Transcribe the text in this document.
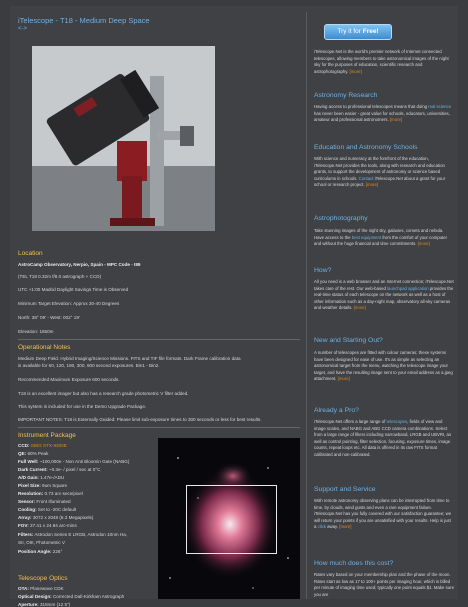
iTelescope - T18 - Medium Deep Space
<->
Location
AstroCamp Observatory, Nerpio, Spain - MPC Code - I89
(TEL T18 0.32m f/8.0 astrograph + CCD)
UTC +1:00 Madrid Daylight Savings Time is Observed
Minimum Target Elevation: Approx 30-40 Degrees
North: 38° 09' - West: 002° 19'
Elevation: 1650m
Operational Notes
Medium Deep Field. Hybrid Imaging/Science Missions. FITS and TIF file formats. Dark Frame calibration data
is available for 60, 120, 180, 300, 600 second exposures. Bin1 - Bin2.
Recommended Maximum Exposure 600 seconds.
T18 is an excellent imager but also has a research grade photometric V filter added.
This system is included for use in the Demo Upgrade Package.
IMPORTANT NOTES: T18 is Externally Guided: Please limit sub-exposure times to 300 seconds or less for best results.
Instrument Package
CCD: SBIG STX-8300E
QE: 60% Peak
Full Well: ~100,000e - Non Anti Bloomin Gate (NABG)
Dark Current: ~0.3e- / pixel / sec at 0°C
A/D Gain: 1.47e-/ADU
Pixel Size: 9um Square
Resolution: 0.73 arc-secs/pixel
Sensor: Front Illuminated
Cooling: Set to -20C default
Array: 3072 x 2048 (6.3 Megapixels)
FOV: 37.41 x 24.94 arc-mins
Filters: Astrodon Series E LRGB, Astrodon 10nm Ha,
SII, OIII, Photometric V
Position Angle: 226°
Telescope Optics
OTA: Planewave CDK
Optical Design: Corrected Dall-Kirkham Astrograph
Aperture: 318mm (12.5")
Try it for Free!
iTelescope.Net is the world's premier network of Internet connected telescopes, allowing members to take astronomical images of the night sky for the purposes of education, scientific research and astrophotography. [more]
Astronomy Research
Having access to professional telescopes means that doing real science has never been easier - great value for schools, educators, universities, amateur and professional astronomers. [more]
Education and Astronomy Schools
With science and numeracy at the forefront of the education, iTelescope.Net provides the tools, along with research and education grants, to support the development of astronomy or science based curriculums in schools. Contact iTelescope.Net about a grant for your school or research project. [more]
Astrophotography
Take stunning images of the night sky, galaxies, comets and nebula. Have access to the best equipment from the comfort of your computer and without the huge financial and time commitments. [more]
How?
All you need is a web browser and an Internet connection; iTelescope.Net takes care of the rest. Our web-based launchpad application provides the real-time status of each telescope on the network as well as a host of other information such as a day-night map, observatory all-sky cameras and weather details. [more]
New and Starting Out?
A number of telescopes are fitted with colour cameras; these systems have been designed for ease of use. It's as simple as selecting an astronomical target from the menu, watching the telescope image your target, and have the resulting image sent to your email address as a jpeg attachment. [more]
Already a Pro?
iTelescope.Net offers a large range of telescopes, fields of view and image scales, and NABG and ABG CCD camera combinations. Select from a large range of filters including narrowband, LRGB and UBVRI, as well as control pointing, filter selection, focusing, exposure times, image counts, repeat loops etc. All data is offered in its raw FITS format calibrated and non-calibrated.
Support and Service
With remote astronomy observing plans can be interrupted from time to time, by clouds, wind gusts and even a rare equipment failure. iTelescope.Net has you fully covered with our satisfaction guarantee; we will return your points if you are unsatisfied with your results. Help is just a click away. [more]
How much does this cost?
Rates vary based on your membership plan and the phase of the moon. Rates start as low as 17 to 100+ points per imaging hour, which is billed per minute of imaging time used; typically one point equals $1. Make sure you are
